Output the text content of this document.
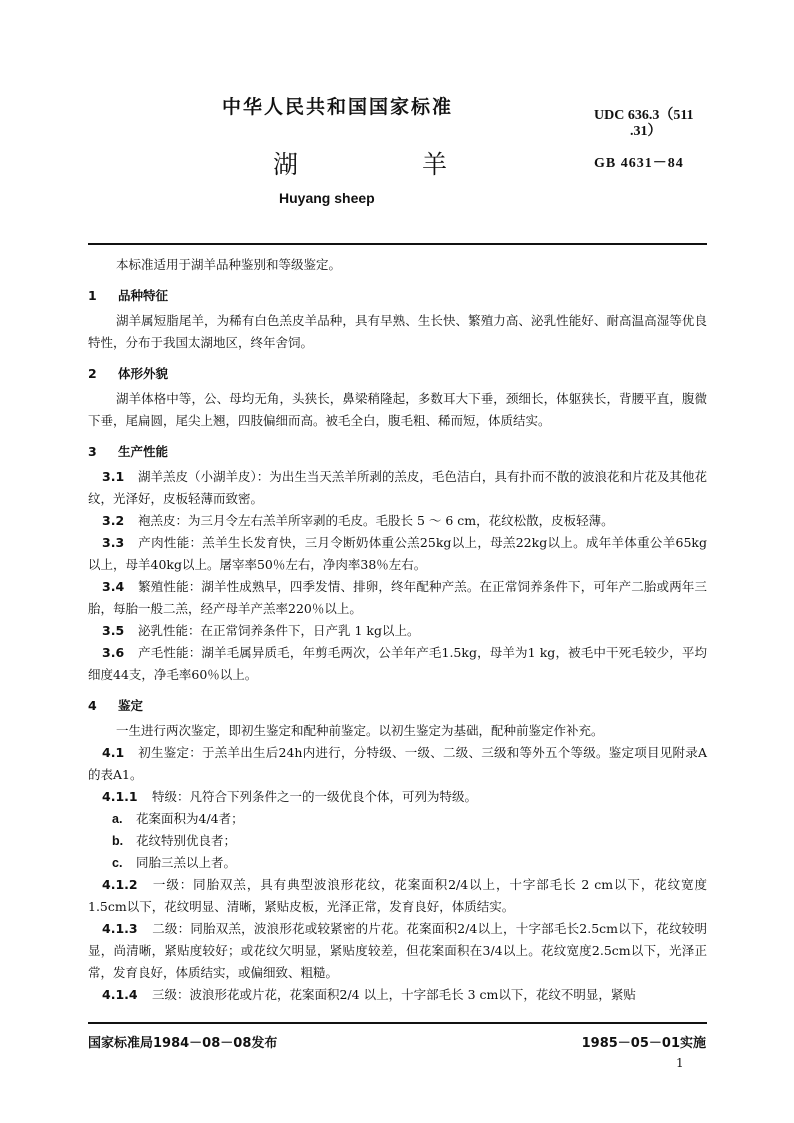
中华人民共和国国家标准	UDC 636.3（511
.31）
湖 羊	GB 4631－84
Huyang sheep

本标准适用于湖羊品种鉴别和等级鉴定。

1 品种特征

湖羊属短脂尾羊，为稀有白色羔皮羊品种，具有早熟、生长快、繁殖力高、泌乳性能好、耐高温高湿等优良特性，分布于我国太湖地区，终年舍饲。

2 体形外貌

湖羊体格中等，公、母均无角，头狭长，鼻梁稍隆起，多数耳大下垂，颈细长，体躯狭长，背腰平直，腹微下垂，尾扁圆，尾尖上翘，四肢偏细而高。被毛全白，腹毛粗、稀而短，体质结实。

3 生产性能

3.1 湖羊羔皮（小湖羊皮）：为出生当天羔羊所剥的羔皮，毛色洁白，具有扑而不散的波浪花和片花及其他花纹，光泽好，皮板轻薄而致密。

3.2 袍羔皮：为三月令左右羔羊所宰剥的毛皮。毛股长 5 ～ 6 cm，花纹松散，皮板轻薄。

3.3 产肉性能：羔羊生长发育快，三月令断奶体重公羔25kg以上，母羔22kg以上。成年羊体重公羊65kg以上，母羊40kg以上。屠宰率50％左右，净肉率38％左右。

3.4 繁殖性能：湖羊性成熟早，四季发情、排卵，终年配种产羔。在正常饲养条件下，可年产二胎或两年三胎，每胎一般二羔，经产母羊产羔率220％以上。

3.5 泌乳性能：在正常饲养条件下，日产乳 1 kg以上。

3.6 产毛性能：湖羊毛属异质毛，年剪毛两次，公羊年产毛1.5kg，母羊为1 kg，被毛中干死毛较少，平均细度44支，净毛率60％以上。

4 鉴定

一生进行两次鉴定，即初生鉴定和配种前鉴定。以初生鉴定为基础，配种前鉴定作补充。

4.1 初生鉴定：于羔羊出生后24h内进行，分特级、一级、二级、三级和等外五个等级。鉴定项目见附录A的表A1。

4.1.1 特级：凡符合下列条件之一的一级优良个体，可列为特级。

a. 花案面积为4/4者；

b. 花纹特别优良者；

c. 同胎三羔以上者。

4.1.2 一级：同胎双羔，具有典型波浪形花纹，花案面积2/4以上，十字部毛长 2 cm以下，花纹宽度1.5cm以下，花纹明显、清晰，紧贴皮板，光泽正常，发育良好，体质结实。

4.1.3 二级：同胎双羔，波浪形花或较紧密的片花。花案面积2/4以上，十字部毛长2.5cm以下，花纹较明显，尚清晰，紧贴度较好；或花纹欠明显，紧贴度较差，但花案面积在3/4以上。花纹宽度2.5cm以下，光泽正常，发育良好，体质结实，或偏细致、粗糙。

4.1.4 三级：波浪形花或片花，花案面积2/4 以上，十字部毛长 3 cm以下，花纹不明显，紧贴

国家标准局1984－08－08发布	1985－05－01实施
1
